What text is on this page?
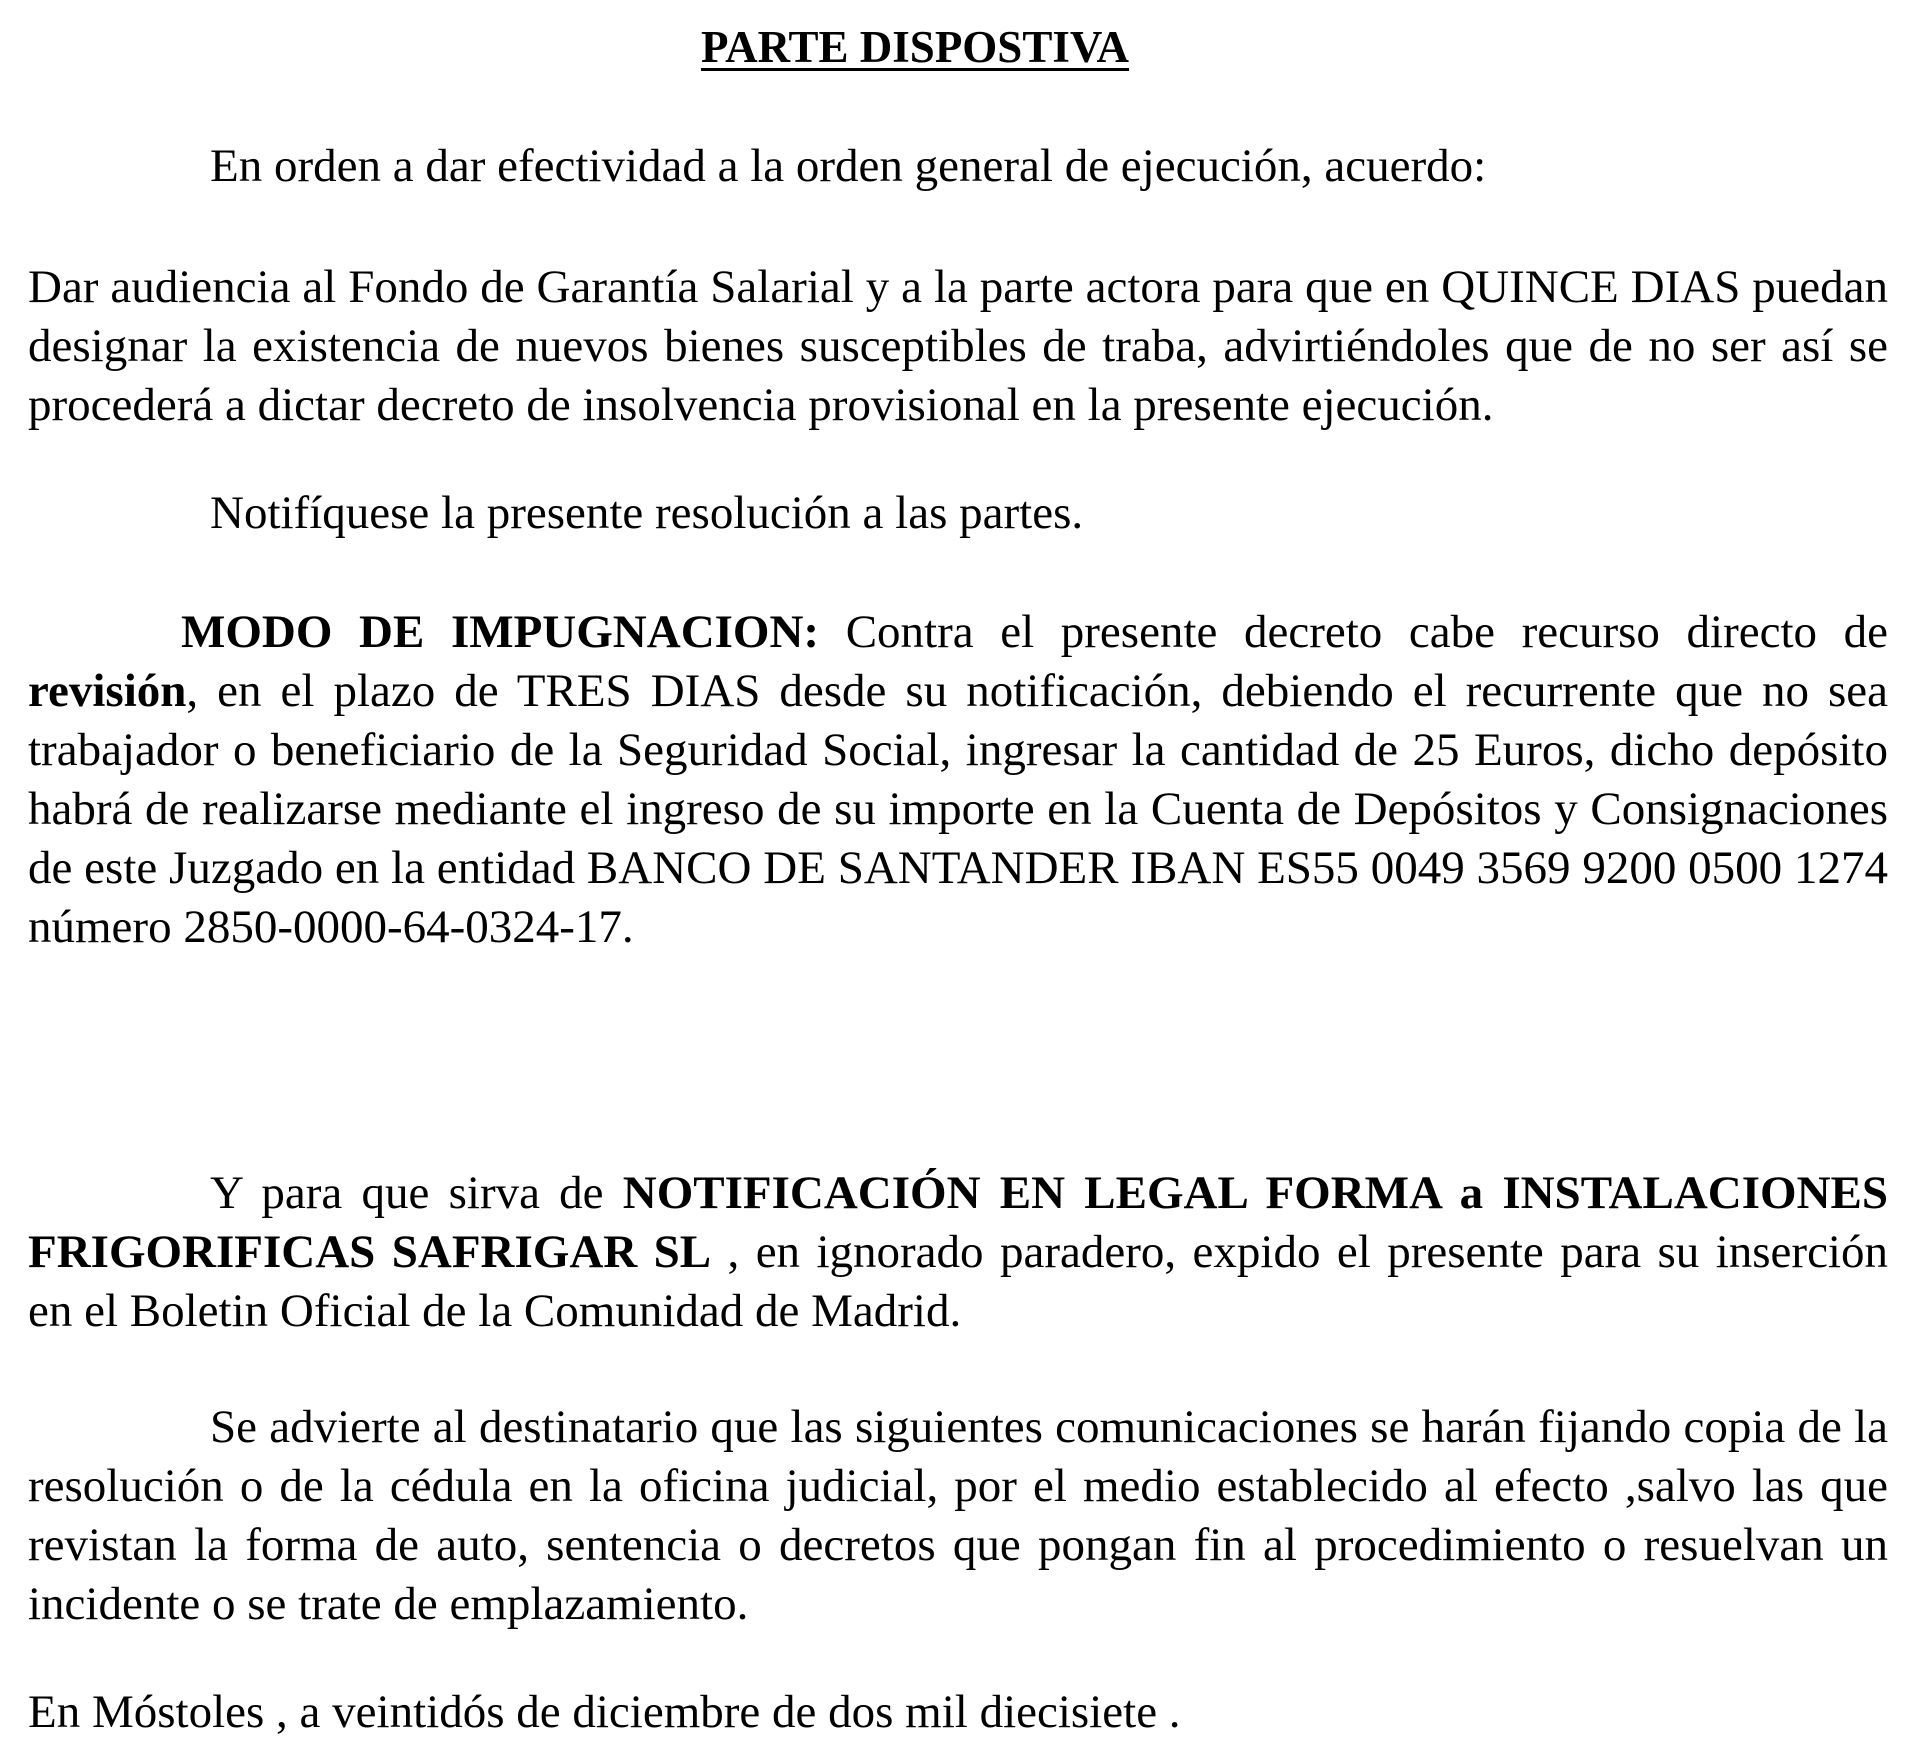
PARTE DISPOSTIVA

En orden a dar efectividad a la orden general de ejecución, acuerdo:

Dar audiencia al Fondo de Garantía Salarial y a la parte actora para que en QUINCE DIAS puedan designar la existencia de nuevos bienes susceptibles de traba, advirtiéndoles que de no ser así se procederá a dictar decreto de insolvencia provisional en la presente ejecución.

Notifíquese la presente resolución a las partes.

MODO DE IMPUGNACION: Contra el presente decreto cabe recurso directo de revisión, en el plazo de TRES DIAS desde su notificación, debiendo el recurrente que no sea trabajador o beneficiario de la Seguridad Social, ingresar la cantidad de 25 Euros, dicho depósito habrá de realizarse mediante el ingreso de su importe en la Cuenta de Depósitos y Consignaciones de este Juzgado en la entidad BANCO DE SANTANDER IBAN ES55 0049 3569 9200 0500 1274 número 2850-0000-64-0324-17.

Y para que sirva de NOTIFICACIÓN EN LEGAL FORMA a INSTALACIONES FRIGORIFICAS SAFRIGAR SL , en ignorado paradero, expido el presente para su inserción en el Boletin Oficial de la Comunidad de Madrid.

Se advierte al destinatario que las siguientes comunicaciones se harán fijando copia de la resolución o de la cédula en la oficina judicial, por el medio establecido al efecto ,salvo las que revistan la forma de auto, sentencia o decretos que pongan fin al procedimiento o resuelvan un incidente o se trate de emplazamiento.

En Móstoles , a veintidós de diciembre de dos mil diecisiete .
